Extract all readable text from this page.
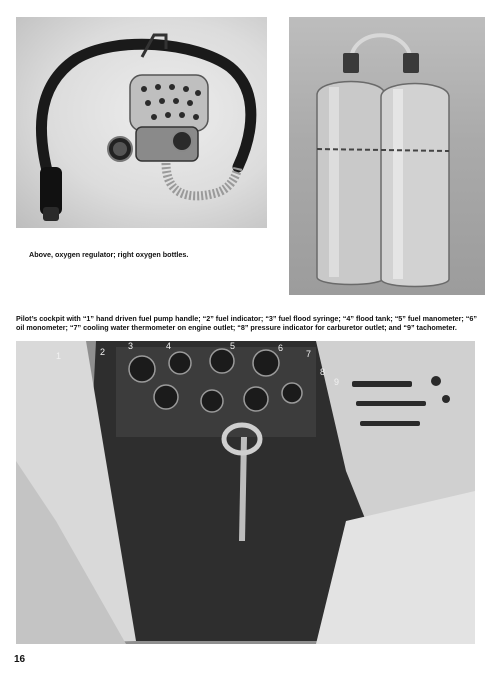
Above, oxygen regulator; right oxygen bottles.

Pilot’s cockpit with “1” hand driven fuel pump handle; “2” fuel indicator; “3” fuel flood syringe; “4” flood tank; “5” fuel manometer; “6” oil monometer; “7” cooling water thermometer on engine outlet; “8” pressure indicator for carburetor outlet; and “9” tachometer.

1	2
3	4	5	6
7
8
9
16
